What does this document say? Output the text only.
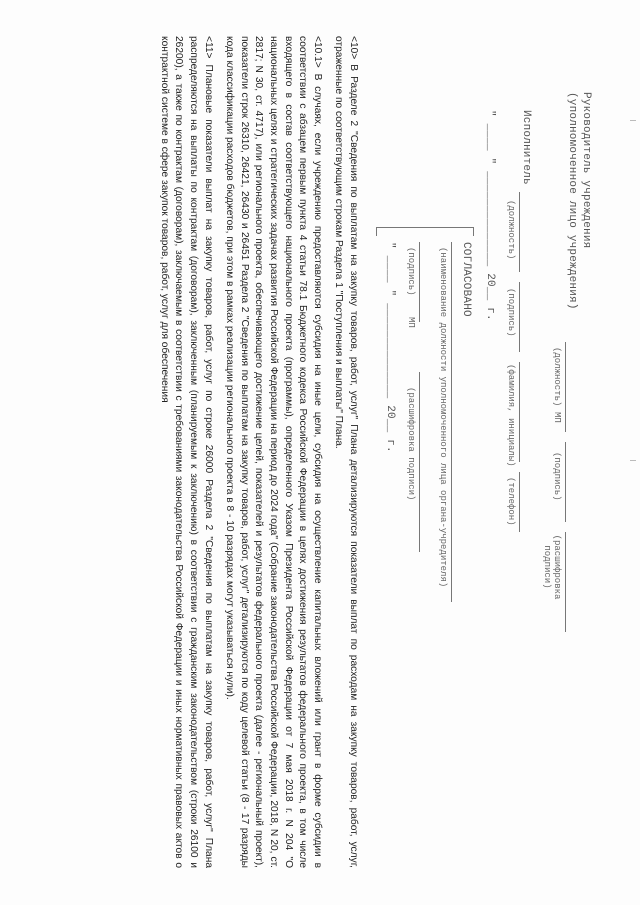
Руководитель учреждения
(уполномоченное лицо учреждения)
(должность)
МП
(подпись)
(расшифровка подписи)
Исполнитель
(должность)
(подпись)
(фамилия, инициалы)
(телефон)
" ____ " ______________ 20__ г.
СОГЛАСОВАНО
(наименование должности уполномоченного лица органа-учредителя)
(подпись)
МП
(расшифровка подписи)
" ____ " ______________ 20__ г.

<10> В Разделе 2 "Сведения по выплатам на закупку товаров, работ, услуг" Плана детализируются показатели выплат по расходам на закупку товаров, работ, услуг, отраженные по соответствующим строкам Раздела 1 "Поступления и выплаты" Плана.

<10.1> В случаях, если учреждению предоставляются субсидия на иные цели, субсидия на осуществление капитальных вложений или грант в форме субсидии в соответствии с абзацем первым пункта 4 статьи 78.1 Бюджетного кодекса Российской Федерации в целях достижения результатов федерального проекта, в том числе входящего в состав соответствующего национального проекта (программы), определенного Указом Президента Российской Федерации от 7 мая 2018 г. N 204 "О национальных целях и стратегических задачах развития Российской Федерации на период до 2024 года" (Собрание законодательства Российской Федерации, 2018, N 20, ст. 2817; N 30, ст. 4717), или регионального проекта, обеспечивающего достижение целей, показателей и результатов федерального проекта (далее - региональный проект), показатели строк 26310, 26421, 26430 и 26451 Раздела 2 "Сведения по выплатам на закупку товаров, работ, услуг" детализируются по коду целевой статьи (8 - 17 разряды кода классификации расходов бюджетов, при этом в рамках реализации регионального проекта в 8 - 10 разрядах могут указываться нули).

<11> Плановые показатели выплат на закупку товаров, работ, услуг по строке 26000 Раздела 2 "Сведения по выплатам на закупку товаров, работ, услуг" Плана распределяются на выплаты по контрактам (договорам), заключенным (планируемым к заключению) в соответствии с гражданским законодательством (строки 26100 и 26200), а также по контрактам (договорам), заключаемым в соответствии с требованиями законодательства Российской Федерации и иных нормативных правовых актов о контрактной системе в сфере закупок товаров, работ, услуг для обеспечения
